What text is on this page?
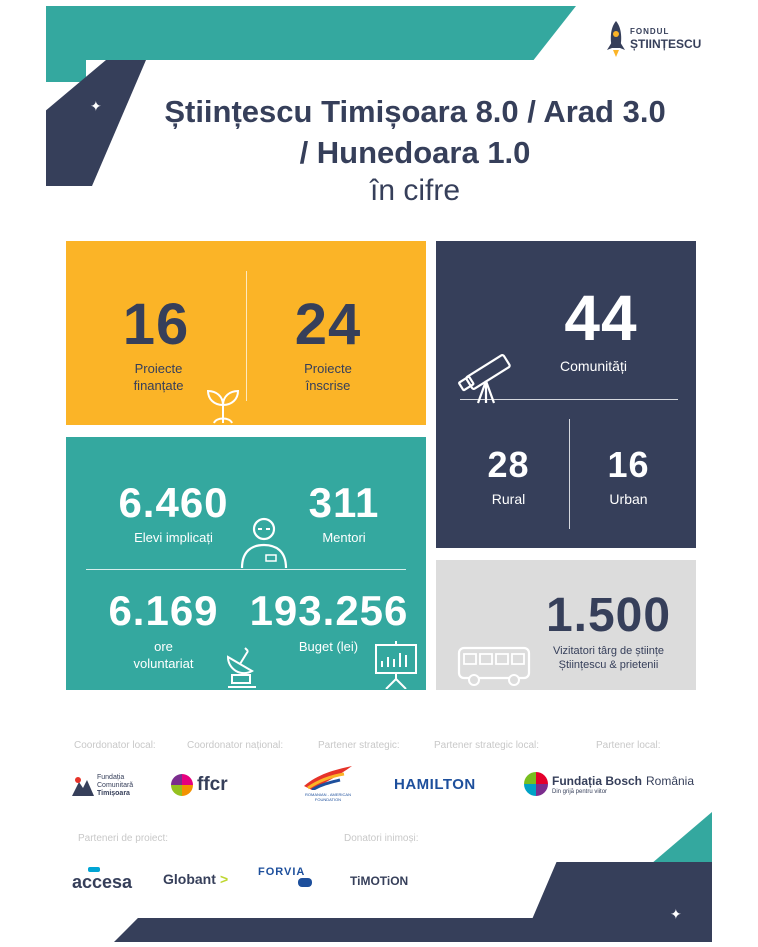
✦
FONDUL
ȘTIINȚESCU
Științescu Timișoara 8.0 / Arad 3.0
/ Hunedoara 1.0
în cifre
16
Proiecte
finanțate
24
Proiecte
înscrise
44
Comunități
28
Rural
16
Urban
6.460
Elevi implicați
311
Mentori
6.169
ore
voluntariat
193.256
Buget (lei)
1.500
Vizitatori târg de științe
Științescu & prietenii
Coordonator local:	Coordonator național:	Partener strategic:	Partener strategic local:	Partener local:
Fundația
Comunitară
Timișoara	ffcr	ROMANIAN - AMERICAN FOUNDATION
HAMILTON	Fundația Bosch România
Din grijă pentru viitor
Parteneri de proiect:	Donatori inimoși:
accesa Globant >	FORVIA
TiMOTiON
✦
